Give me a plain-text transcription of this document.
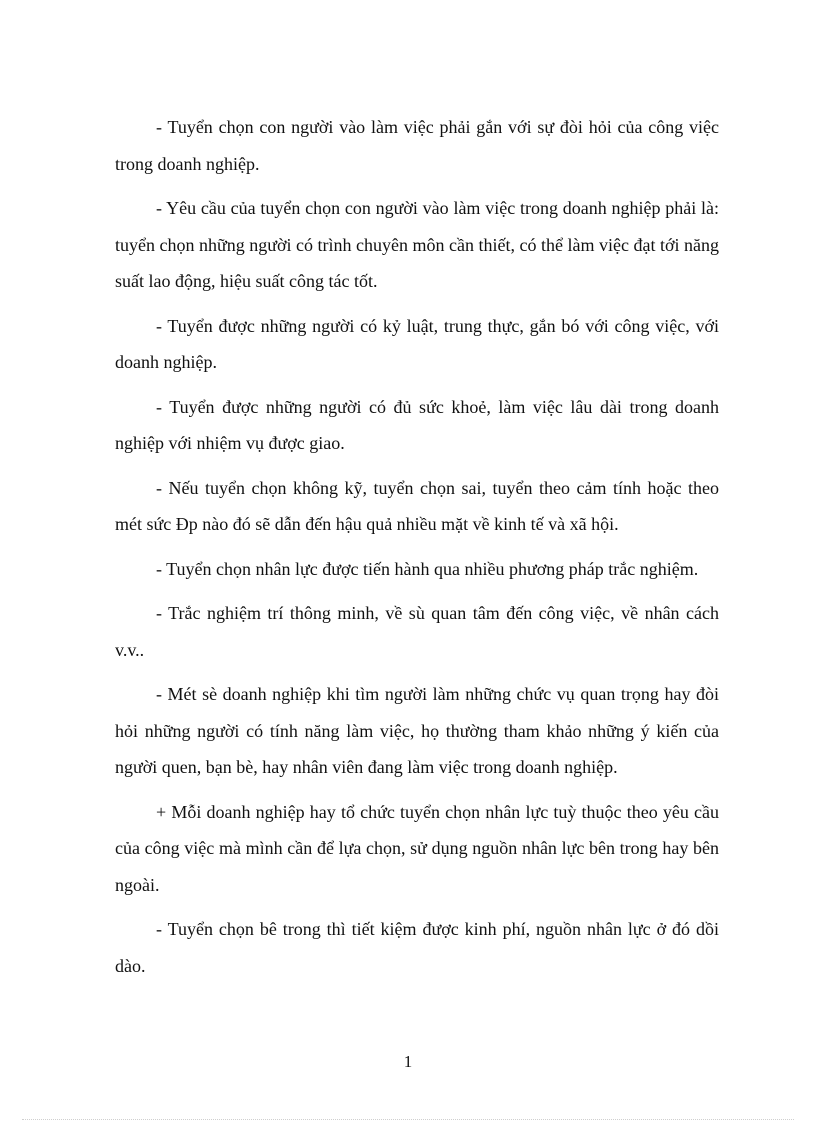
- Tuyển chọn con người vào làm việc phải gắn với sự đòi hỏi của công việc trong doanh nghiệp.

- Yêu cầu của tuyển chọn con người vào làm việc trong doanh nghiệp phải là: tuyển chọn những người có trình chuyên môn cần thiết, có thể làm việc đạt tới năng suất lao động, hiệu suất công tác tốt.

- Tuyển được những người có kỷ luật, trung thực, gắn bó với công việc, với doanh nghiệp.

- Tuyển được những người có đủ sức khoẻ, làm việc lâu dài trong doanh nghiệp với nhiệm vụ được giao.

- Nếu tuyển chọn không kỹ, tuyển chọn sai, tuyển theo cảm tính hoặc theo mét sức Đp nào đó sẽ dẫn đến hậu quả nhiều mặt về kinh tế và xã hội.

- Tuyển chọn nhân lực được tiến hành qua nhiều phương pháp trắc nghiệm.

- Trắc nghiệm trí thông minh, về sù quan tâm đến công việc, về nhân cách v.v..

- Mét sè doanh nghiệp khi tìm người làm những chức vụ quan trọng hay đòi hỏi những người có tính năng làm việc, họ thường tham khảo những ý kiến của người quen, bạn bè, hay nhân viên đang làm việc trong doanh nghiệp.

+ Mỗi doanh nghiệp hay tổ chức tuyển chọn nhân lực tuỳ thuộc theo yêu cầu của công việc mà mình cần để lựa chọn, sử dụng nguồn nhân lực bên trong hay bên ngoài.

- Tuyển chọn bê trong thì tiết kiệm được kinh phí, nguồn nhân lực ở đó dồi dào.

1
